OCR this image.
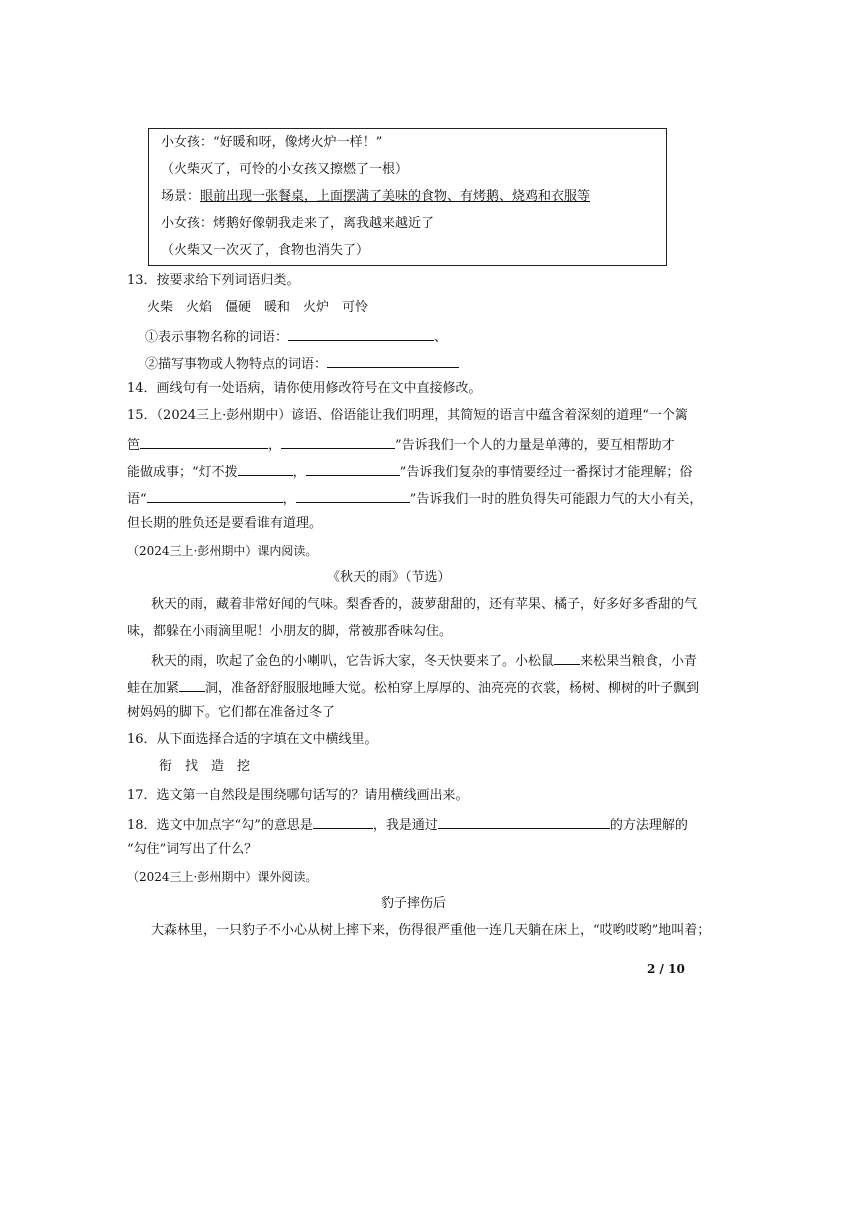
小女孩：“好暖和呀，像烤火炉一样！”
（火柴灭了，可怜的小女孩又擦燃了一根）
场景：眼前出现一张餐桌，上面摆满了美味的食物、有烤鹅、烧鸡和衣服等
小女孩：烤鹅好像朝我走来了，离我越来越近了
（火柴又一次灭了，食物也消失了）
13．按要求给下列词语归类。
火柴　火焰　僵硬　暖和　火炉　可怜
①表示事物名称的词语：	、
②描写事物或人物特点的词语：
14．画线句有一处语病，请你使用修改符号在文中直接修改。
15．（2024三上·彭州期中）谚语、俗语能让我们明理，其简短的语言中蕴含着深刻的道理“一个篱
笆	，	”告诉我们一个人的力量是单薄的，要互相帮助才
能做成事；“灯不拨	，	”告诉我们复杂的事情要经过一番探讨才能理解；俗
语“	，	”告诉我们一时的胜负得失可能跟力气的大小有关，
但长期的胜负还是要看谁有道理。
（2024三上·彭州期中）课内阅读。
《秋天的雨》（节选）
秋天的雨，藏着非常好闻的气味。梨香香的，菠萝甜甜的，还有苹果、橘子，好多好多香甜的气
味，都躲在小雨滴里呢！小朋友的脚，常被那香味勾住。
秋天的雨，吹起了金色的小喇叭，它告诉大家，冬天快要来了。小松鼠 来松果当粮食，小青
蛙在加紧 洞，准备舒舒服服地睡大觉。松柏穿上厚厚的、油亮亮的衣裳，杨树、柳树的叶子飘到
树妈妈的脚下。它们都在准备过冬了
16．从下面选择合适的字填在文中横线里。
衔　找　造　挖
17．选文第一自然段是围绕哪句话写的？请用横线画出来。
18．选文中加点字“勾”的意思是	，我是通过	的方法理解的
“勾住”词写出了什么？
（2024三上·彭州期中）课外阅读。
豹子摔伤后
大森林里，一只豹子不小心从树上摔下来，伤得很严重他一连几天躺在床上，“哎哟哎哟”地叫着；
2 / 10
